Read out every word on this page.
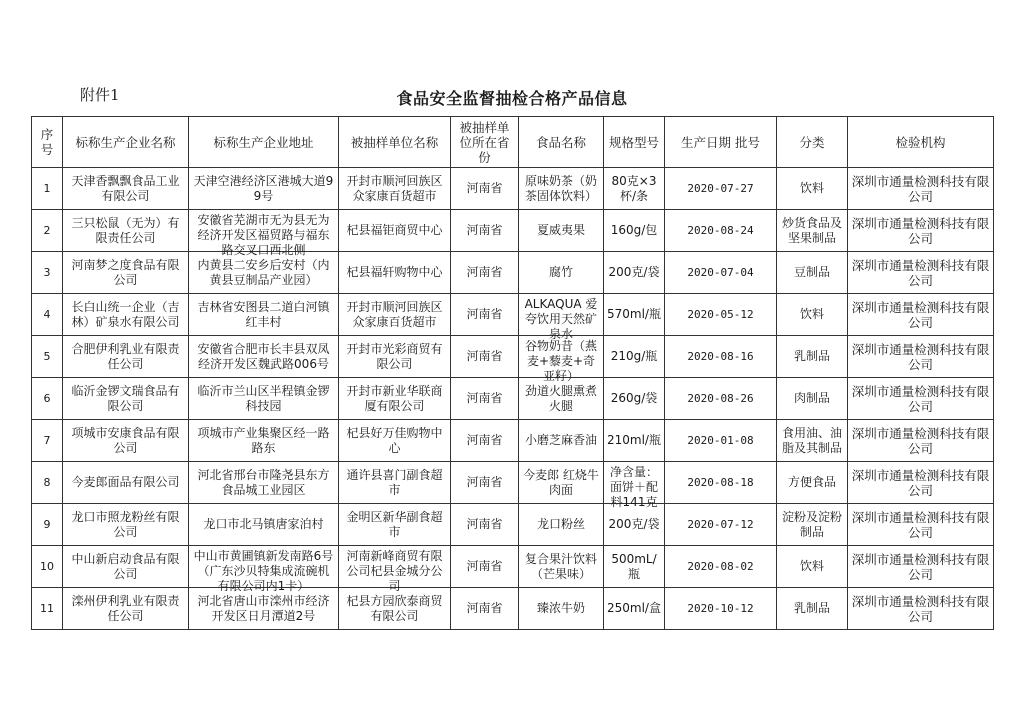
附件1	食品安全监督抽检合格产品信息
序号	标称生产企业名称	标称生产企业地址	被抽样单位名称	被抽样单位所在省份	食品名称	规格型号	生产日期 批号	分类	检验机构

1	天津香飘飘食品工业有限公司	天津空港经济区港城大道99号	开封市顺河回族区众家康百货超市	河南省	原味奶茶（奶茶固体饮料）	80克×3杯/条	2020-07-27	饮料	深圳市通量检测科技有限公司

2	三只松鼠（无为）有限责任公司	安徽省芜湖市无为县无为经济开发区福贸路与福东路交叉口西北侧	杞县福钜商贸中心	河南省	夏威夷果	160g/包	2020-08-24	炒货食品及坚果制品	深圳市通量检测科技有限公司

3	河南梦之度食品有限公司	内黄县二安乡后安村（内黄县豆制品产业园）	杞县福轩购物中心	河南省	腐竹	200克/袋	2020-07-04	豆制品	深圳市通量检测科技有限公司

4	长白山统一企业（吉林）矿泉水有限公司	吉林省安图县二道白河镇红丰村	开封市顺河回族区众家康百货超市	河南省	ALKAQUA 爱夸饮用天然矿泉水	570ml/瓶	2020-05-12	饮料	深圳市通量检测科技有限公司

5	合肥伊利乳业有限责任公司	安徽省合肥市长丰县双凤经济开发区魏武路006号	开封市光彩商贸有限公司	河南省	谷物奶昔（燕麦+藜麦+奇亚籽）	210g/瓶	2020-08-16	乳制品	深圳市通量检测科技有限公司

6	临沂金锣文瑞食品有限公司	临沂市兰山区半程镇金锣科技园	开封市新业华联商厦有限公司	河南省	劲道火腿熏煮火腿	260g/袋	2020-08-26	肉制品	深圳市通量检测科技有限公司

7	项城市安康食品有限公司	项城市产业集聚区经一路路东	杞县好万佳购物中心	河南省	小磨芝麻香油	210ml/瓶	2020-01-08	食用油、油脂及其制品	深圳市通量检测科技有限公司

8	今麦郎面品有限公司	河北省邢台市隆尧县东方食品城工业园区	通许县喜门副食超市	河南省	今麦郎 红烧牛肉面	净含量：面饼＋配料141克	2020-08-18	方便食品	深圳市通量检测科技有限公司

9	龙口市照龙粉丝有限公司	龙口市北马镇唐家泊村	金明区新华副食超市	河南省	龙口粉丝	200克/袋	2020-07-12	淀粉及淀粉制品	深圳市通量检测科技有限公司

10	中山新启动食品有限公司	中山市黄圃镇新发南路6号（广东沙贝特集成流碗机有限公司内1卡）	河南新峰商贸有限公司杞县金城分公司	河南省	复合果汁饮料（芒果味）	500mL/瓶	2020-08-02	饮料	深圳市通量检测科技有限公司

11	滦州伊利乳业有限责任公司	河北省唐山市滦州市经济开发区日月潭道2号	杞县方园欣泰商贸有限公司	河南省	臻浓牛奶	250ml/盒	2020-10-12	乳制品	深圳市通量检测科技有限公司
